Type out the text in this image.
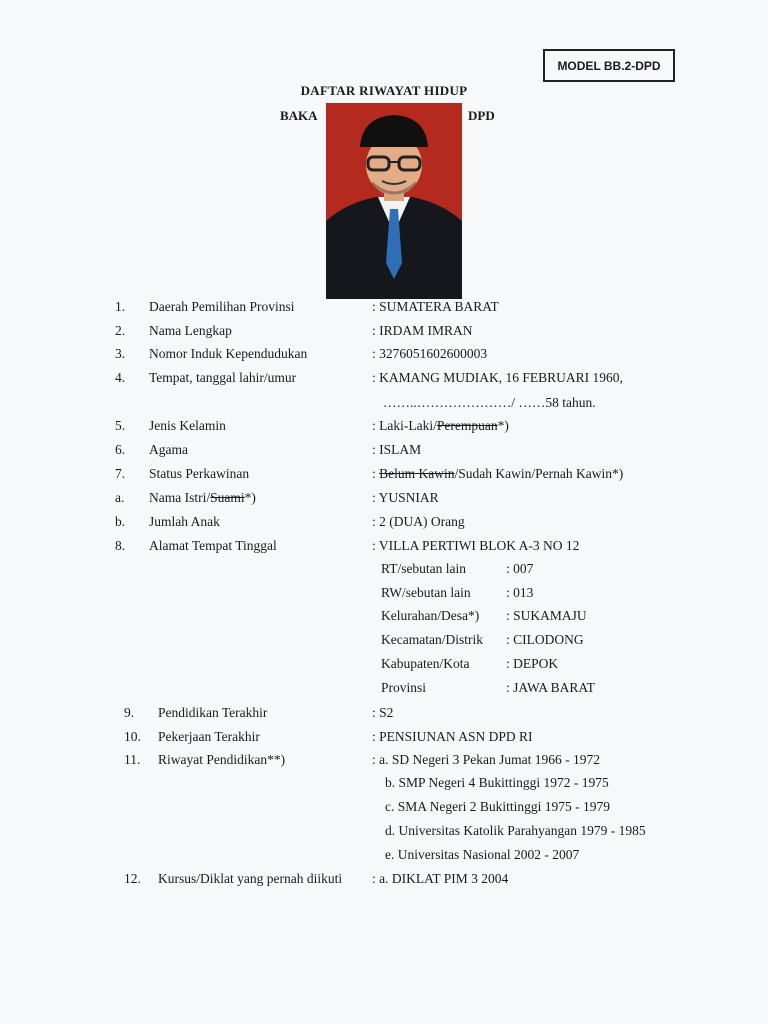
MODEL BB.2-DPD
DAFTAR RIWAYAT HIDUP
BAKA	DPD
1. Daerah Pemilihan Provinsi	: SUMATERA BARAT
2. Nama Lengkap	: IRDAM IMRAN
3. Nomor Induk Kependudukan	: 3276051602600003
4. Tempat, tanggal lahir/umur	: KAMANG MUDIAK, 16 FEBRUARI 1960,
……..…………………/ ……58 tahun.
5. Jenis Kelamin	: Laki-Laki/Perempuan*)
6. Agama	: ISLAM
7. Status Perkawinan	: Belum Kawin/Sudah Kawin/Pernah Kawin*)
a. Nama Istri/Suami*)	: YUSNIAR
b. Jumlah Anak	: 2 (DUA) Orang
8. Alamat Tempat Tinggal	: VILLA PERTIWI BLOK A-3 NO 12
RT/sebutan lain	: 007
RW/sebutan lain	: 013
Kelurahan/Desa*) : SUKAMAJU
Kecamatan/Distrik : CILODONG
Kabupaten/Kota	: DEPOK
Provinsi	: JAWA BARAT
9. Pendidikan Terakhir	: S2
10. Pekerjaan Terakhir	: PENSIUNAN ASN DPD RI
11. Riwayat Pendidikan**)	: a. SD Negeri 3 Pekan Jumat 1966 - 1972
b. SMP Negeri 4 Bukittinggi 1972 - 1975
c. SMA Negeri 2 Bukittinggi 1975 - 1979
d. Universitas Katolik Parahyangan 1979 - 1985
e. Universitas Nasional 2002 - 2007
12. Kursus/Diklat yang pernah diikuti : a. DIKLAT PIM 3 2004
